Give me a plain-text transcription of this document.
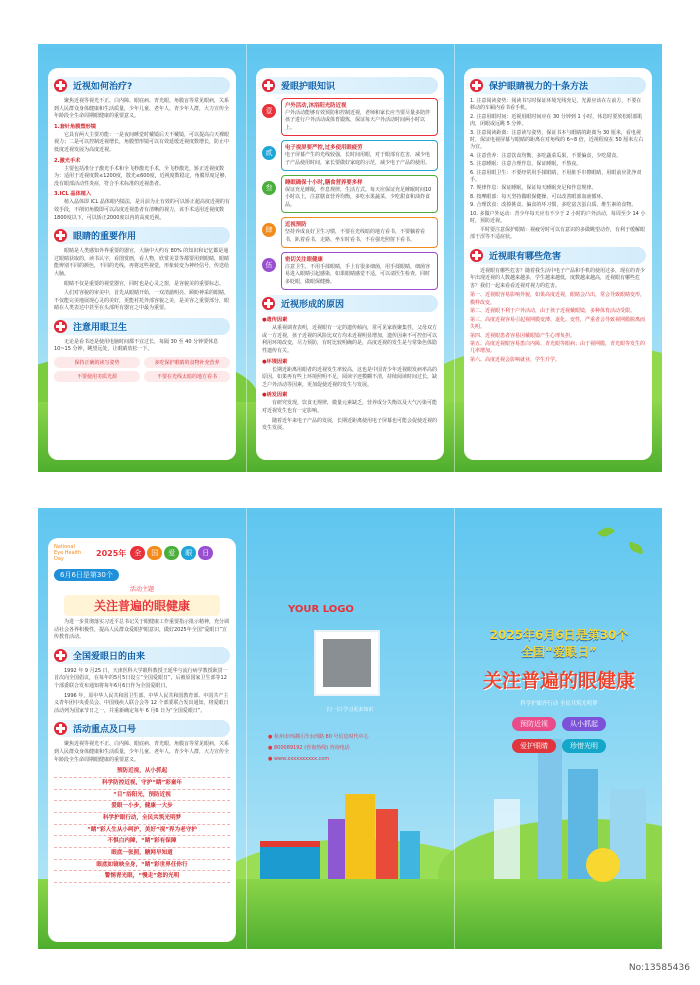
近视如何治疗?

聚焦近视等视光不正、白内障、眼底病、青光眼、角膜盲等常见眼病，关系到人民群众身体健康和生活质量，少年儿童、老年人、青少年人群，大力宣传全年龄段全生命周期眼健康的重要意义。

1.套针角膜塑形镜

它具有两大主要功能：一是夜间睡觉时戴镜后天不戴镜，可以提高白天裸眼视力；二是可以控制近视增长，角膜塑形镜可以有效延缓近视度数增长，防止中低度近视发展为高度近视。

2.激光手术

主要包括准分子激光手术和全飞秒激光手术，全飞秒激光，矫正近视度数为：适用于近视度数≤1200度，散光≤600度，近视度数稳定，角膜厚度足够，没有眼部活动性炎症，符合手术标准的近视患者。

3.ICL 晶体植入

植入晶体即 ICL 晶体眼内镜法，是目前为止有效的可以矫正超高度近视的有效手段，不削切角膜即可以高度近视患者有清晰的视力，该手术适用近视度数1800度以下，可以矫正2000度以内的高度近视。

眼睛的重要作用

眼睛是人类感知外界重要的器官，大脑中大约有 80% 的知识和记忆都是通过眼睛获取的，读书认字，看图赏画，看人物，欣赏美景等都要用到眼睛，眼睛能辨别不同的颜色，不同的光线，再将这些视觉，形象转变为神经信号，传送给大脑。

眼睛不仅是重要的视觉器官，同时也是心灵之窗，是容貌美的重要标志。

人们对容貌的审美中，首先从眼睛开始，一双清澈明亮、顾盼神采的眼睛，不仅能完美地展现心灵的美好，更能衬托外部容貌之美，是美容之重要部分，眼睛在人类表达中甚至在头部所有器官之中最为重要。

注意用眼卫生

无论是看书还是使用电脑时间都不宜过长，每隔 30 至 40 分钟要休息 10~15 分钟，眺望远处，让眼睛放松一下。

保持正确的读写姿势	多吃保护眼睛的食物补充营养
不要使用劣质光源	不要在光线太暗的地方看书
爱眼护眼知识
壹
户外活动,沐浴阳光防近视
户外活动能够有效预防和控制近视，老师和家长应当要尽量多陪伴孩子进行户外活动或体育锻炼，保证每天户外活动时间两小时以上。
贰
电子视屏要严控,过多使用眼疲劳
电子屏幕产生的光线较强，长时间用眼，对于眼部有危害，减少电子产品使用时间，家长要做好家庭的示范，减少电子产品的使用。
叁
睡眠确保十小时,膳食营养要多样
保证充足睡眠，作息规律，生活方式。每天应保证充足睡眠时间10小时以上，注意膳食营养均衡，多吃水果蔬菜，少吃甜食和油炸食品。
肆
近视预防
坚持养成良好卫生习惯，不要在光线暗的地方看书，不要躺着看书，趴着看书，走路、坐车时看书，不在强光照射下看书。
伍
密切关注眼健康
注意卫生，不用手揉眼睛，手上有很多细菌，用手揉眼睛，细菌容易进入眼睛引起感染，如果眼睛感觉不适，可以请医生检查，同时多眨眼，做眼保健操。
近视形成的原因
●遗传因素

从重视调查表明，近视眼有一定的遗传倾向，常可见家族聚集性，父母双方或一方近视，孩子近视的风险比双方均未近视明显增加，遗传因素不可控但可以利用环境改变，尽力预防，有时比较明确的是，高度近视的发生是与常染色体隐性遗传有关。

●环境因素

长期近距离用眼者的近视发生率较高，这也是中国青少年近视眼发病率高的原因，如果再有些上环境照明不足，阅读字迹模糊不清，持续阅读时间过长，缺乏户外活动等因素，更加促使近视的发生与发展。

●诱发因素

有研究发现，饮食无规律，微量元素缺乏，营养成分失衡以及大气污染可能对近视发生也有一定影响。

随着近年来电子产品的发展，长期近距离使用电子屏幕也可能会促使近视的发生发展。

保护眼睛视力的十条方法
1. 注意阅读姿势：阅读书写时保证环境光线充足，光源应该在左前方，不要在移动的车厢内看书看手机。
2. 注意用眼时间：近视用眼时间应在 30 分钟到 1 小时，休息时要放松眼部肌肉，闭眼或远眺 5 分钟。
3. 注意阅读距离：注意读写姿势，保证书本与眼睛的距离为 30 厘米，看电视时，保证电视屏幕与眼睛的距离在对角线的 6~8 倍，近视程度在 50 厘米左右为宜。
4. 注意营养：注意饮食均衡，多吃蔬菜瓜果，不要偏食，少吃甜食。
5. 注意睡眠：注意合理作息，保证睡眠，不熬夜。
6. 注意用眼卫生：不要经常用手揉眼睛，不用脏手巾擦眼睛，用眼前应洗净双手。
7. 规律作息：保证睡眠，保证每天睡眠充足和作息规律。
8. 按摩眼部：每天坚持做眼保健操，可以改善眼部血液循环。
9. 合理饮食：改掉挑食、偏食的坏习惯，多吃富含蛋白质、维生素的食物。
10. 多做户外运动：青少年每天应有不少于 2 小时的户外活动，每周至少 14 小时，预防近视。

平时要注意保护眼睛：视疲劳时可以有意识的多做眺望动作，有利于缓解眼部干涩等不适症状。

近视眼有哪些危害

近视眼有哪些危害？随着我生活中电子产品和手机的使用过多，现在的青少年出现近视的人数越来越多，学生越来越低，度数越来越高，近视眼有哪些危害？我们一起来看看近视对视力的危害。

第一、近视眼容易影响外貌，如果高度近视，眼睛会凸出，常会导致眼睛变形，模样改变。
第二、近视眼不利于户外活动，由于孩子近视戴眼镜，多种体育活动受限。
第三、高度近视容易引起视网膜变薄、退化、变性，严重者会导致视网膜脱离而失明。
第四、近视眼患者容易因戴眼镜产生心理负担。
第五、高度近视眼容易患白内障、青光眼等眼病；由于视网膜，青光眼等发生的几率增加。
第六、高度近视会影响就业，学生升学。
National
Eye Health Day
2025年	全	国	爱	眼	日
6月6日是第30个
活动主题
关注普遍的眼健康

为进一步贯彻落实习近平总书记关于眼健康工作重要指示批示精神，充分调动社会各界积极性，提高人民群众爱眼护眼意识，做好2025年全国“爱眼日”宣传教育活动。

全国爱眼日的由来

1992 年 9 月25 日，天津医科大学眼科教授王延华与流行病学教授耿贯一首次向全国倡议，在每年的5月5日设立“全国爱眼日”，后被原国家卫生部等12个部委联合发布通知将每年6月6日作为全国爱眼日。

1996 年，原中华人民共和国卫生部、中华人民共和国教育部、中国共产主义青年团中央委员会、中国残疾人联合会等 12 个部委联合发出通知，将爱眼日活动列为国家节日之一，并重新确定每年 6 月6 日为“全国爱眼日”。

活动重点及口号

聚焦近视等视光不正、白内障、眼底病、青光眼、角膜盲等常见眼病，关系到人民群众身体健康和生活质量，少年儿童、老年人、青少年人群，大力宣传全年龄段全生命周期眼健康的重要意义。

预防近视，从小抓起
科学防控近视，守护“睛”彩童年
“目”浴阳光，预防近视
爱眼一小步，健康一大步
科学护眼行动，全民共筑光明梦
“睛”彩人生从小呵护，美好“视”界为老守护
不惧白内障，“睛”彩有保障
眼底一张照，糖网早知道
眼底如镜映全身，“睛”彩世界任你行
警惕青光眼，“慢走”您的光明
YOUR LOGO
扫一扫 学习更多知识
● 杭州市西湖区洋水西路 80 号信息时代中心
● 800089192 (咨询热线) 咨询电话
● www.xxxxxxxxxx.com
2025年6月6日是第30个
全国“爱眼日”
关注普遍的眼健康
科学护眼齐行动 全民共筑光明梦
预防近视	从小抓起
爱护眼睛	珍惜光明
No:13585436
